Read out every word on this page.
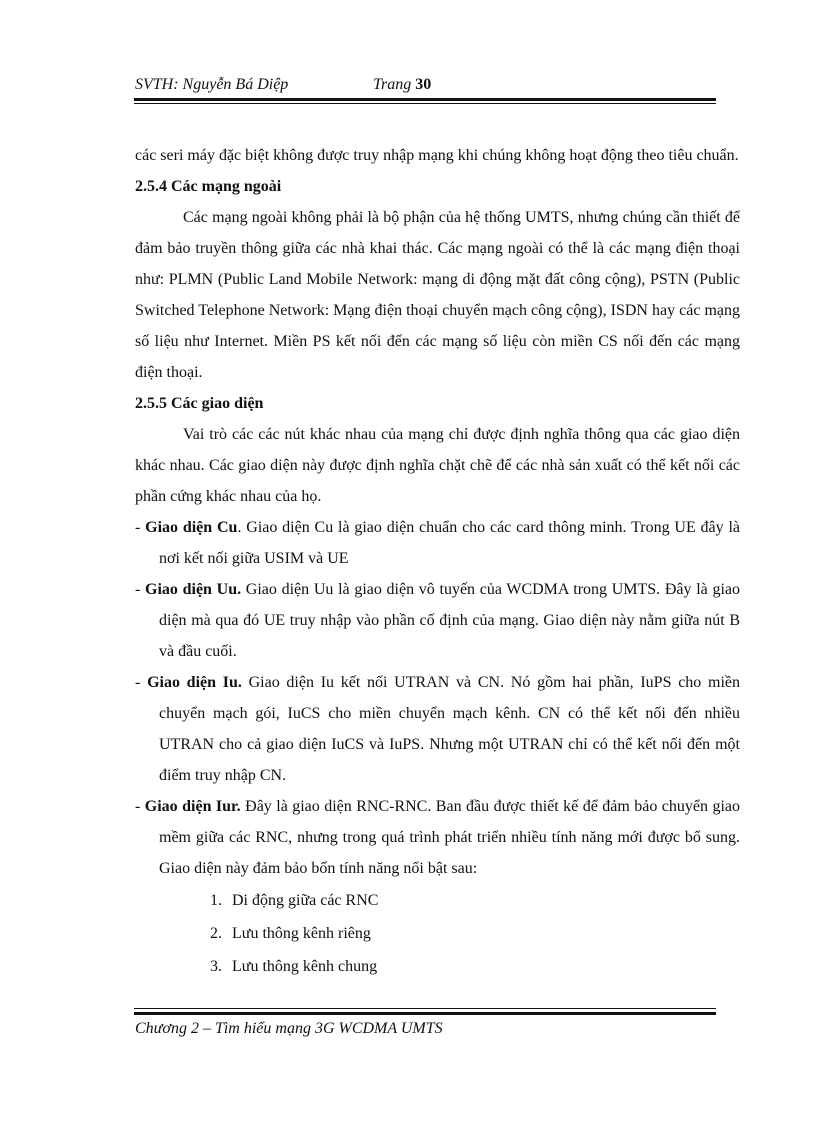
SVTH: Nguyễn Bá Diệp	Trang 30

các seri máy đặc biệt không được truy nhập mạng khi chúng không hoạt động theo tiêu chuẩn.

2.5.4 Các mạng ngoài

Các mạng ngoài không phải là bộ phận của hệ thống UMTS, nhưng chúng cần thiết để đảm bảo truyền thông giữa các nhà khai thác. Các mạng ngoài có thể là các mạng điện thoại như: PLMN (Public Land Mobile Network: mạng di động mặt đất công cộng), PSTN (Public Switched Telephone Network: Mạng điện thoại chuyển mạch công cộng), ISDN hay các mạng số liệu như Internet. Miền PS kết nối đến các mạng số liệu còn miền CS nối đến các mạng điện thoại.

2.5.5 Các giao diện

Vai trò các các nút khác nhau của mạng chỉ được định nghĩa thông qua các giao diện khác nhau. Các giao diện này được định nghĩa chặt chẽ để các nhà sản xuất có thể kết nối các phần cứng khác nhau của họ.

- Giao diện Cu. Giao diện Cu là giao diện chuẩn cho các card thông minh. Trong UE đây là nơi kết nối giữa USIM và UE

- Giao diện Uu. Giao diện Uu là giao diện vô tuyến của WCDMA trong UMTS. Đây là giao diện mà qua đó UE truy nhập vào phần cố định của mạng. Giao diện này nằm giữa nút B và đầu cuối.

- Giao diện Iu. Giao diện Iu kết nối UTRAN và CN. Nó gồm hai phần, IuPS cho miền chuyển mạch gói, IuCS cho miền chuyển mạch kênh. CN có thể kết nối đến nhiều UTRAN cho cả giao diện IuCS và IuPS. Nhưng một UTRAN chỉ có thể kết nối đến một điểm truy nhập CN.

- Giao diện Iur. Đây là giao diện RNC-RNC. Ban đầu được thiết kế để đảm bảo chuyển giao mềm giữa các RNC, nhưng trong quá trình phát triển nhiều tính năng mới được bổ sung. Giao diện này đảm bảo bốn tính năng nổi bật sau:

1. Di động giữa các RNC
2. Lưu thông kênh riêng
3. Lưu thông kênh chung
Chương 2 – Tìm hiểu mạng 3G WCDMA UMTS
